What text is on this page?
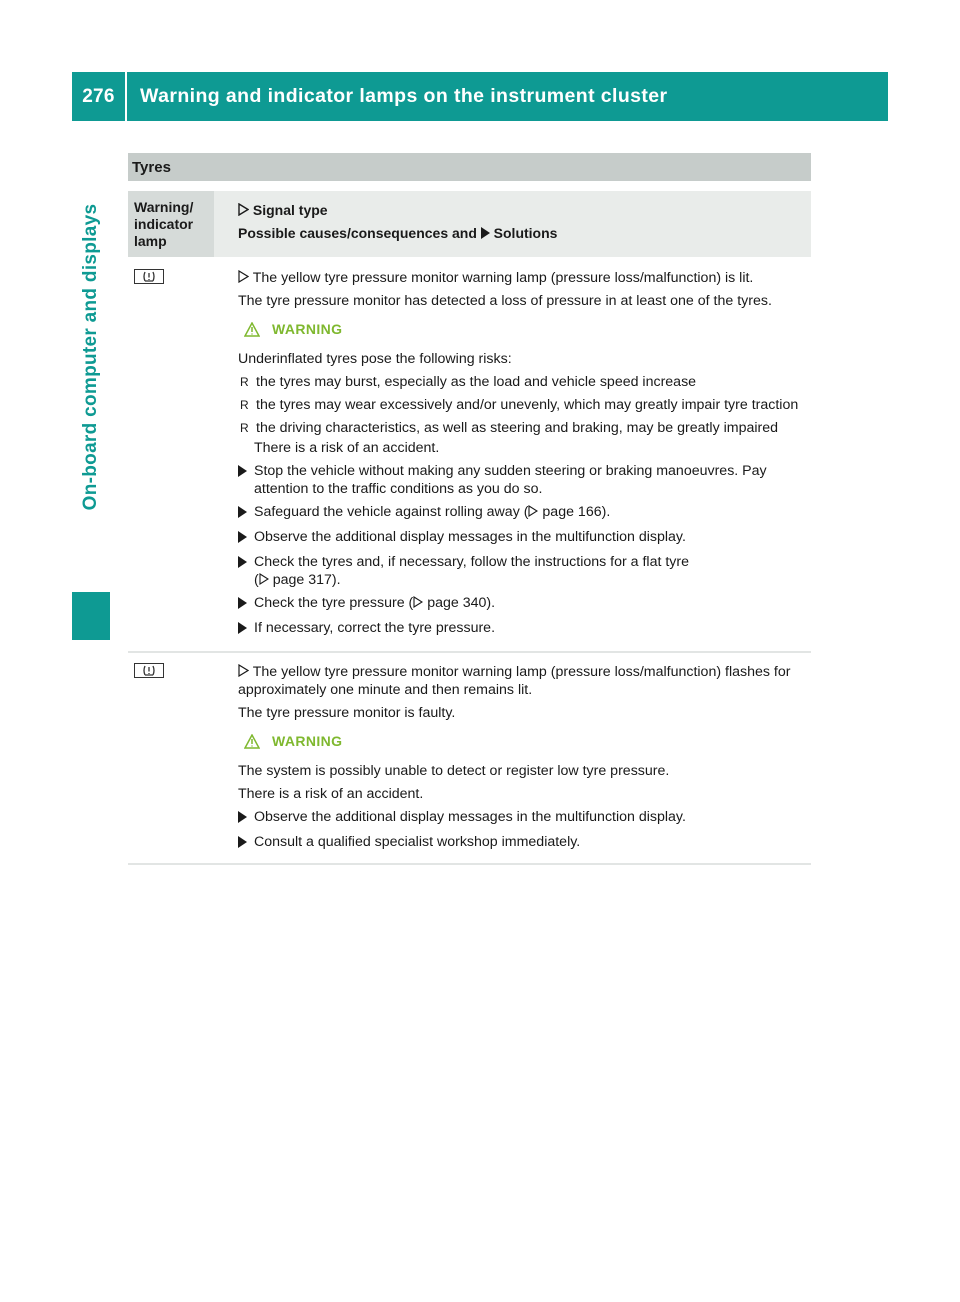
276	Warning and indicator lamps on the instrument cluster
On-board computer and displays
Tyres
Warning/ indicator lamp
Signal type
Possible causes/consequences and Solutions

The yellow tyre pressure monitor warning lamp (pressure loss/malfunction) is lit.

The tyre pressure monitor has detected a loss of pressure in at least one of the tyres.

WARNING

Underinflated tyres pose the following risks:

R the tyres may burst, especially as the load and vehicle speed increase
R the tyres may wear excessively and/or unevenly, which may greatly impair tyre traction
R the driving characteristics, as well as steering and braking, may be greatly impaired

There is a risk of an accident.

Stop the vehicle without making any sudden steering or braking manoeuvres. Pay attention to the traffic conditions as you do so.
Safeguard the vehicle against rolling away ( page 166).
Observe the additional display messages in the multifunction display.
Check the tyres and, if necessary, follow the instructions for a flat tyre
( page 317).
Check the tyre pressure ( page 340).
If necessary, correct the tyre pressure.

The yellow tyre pressure monitor warning lamp (pressure loss/malfunction) flashes for approximately one minute and then remains lit.

The tyre pressure monitor is faulty.

WARNING

The system is possibly unable to detect or register low tyre pressure.

There is a risk of an accident.

Observe the additional display messages in the multifunction display.
Consult a qualified specialist workshop immediately.
